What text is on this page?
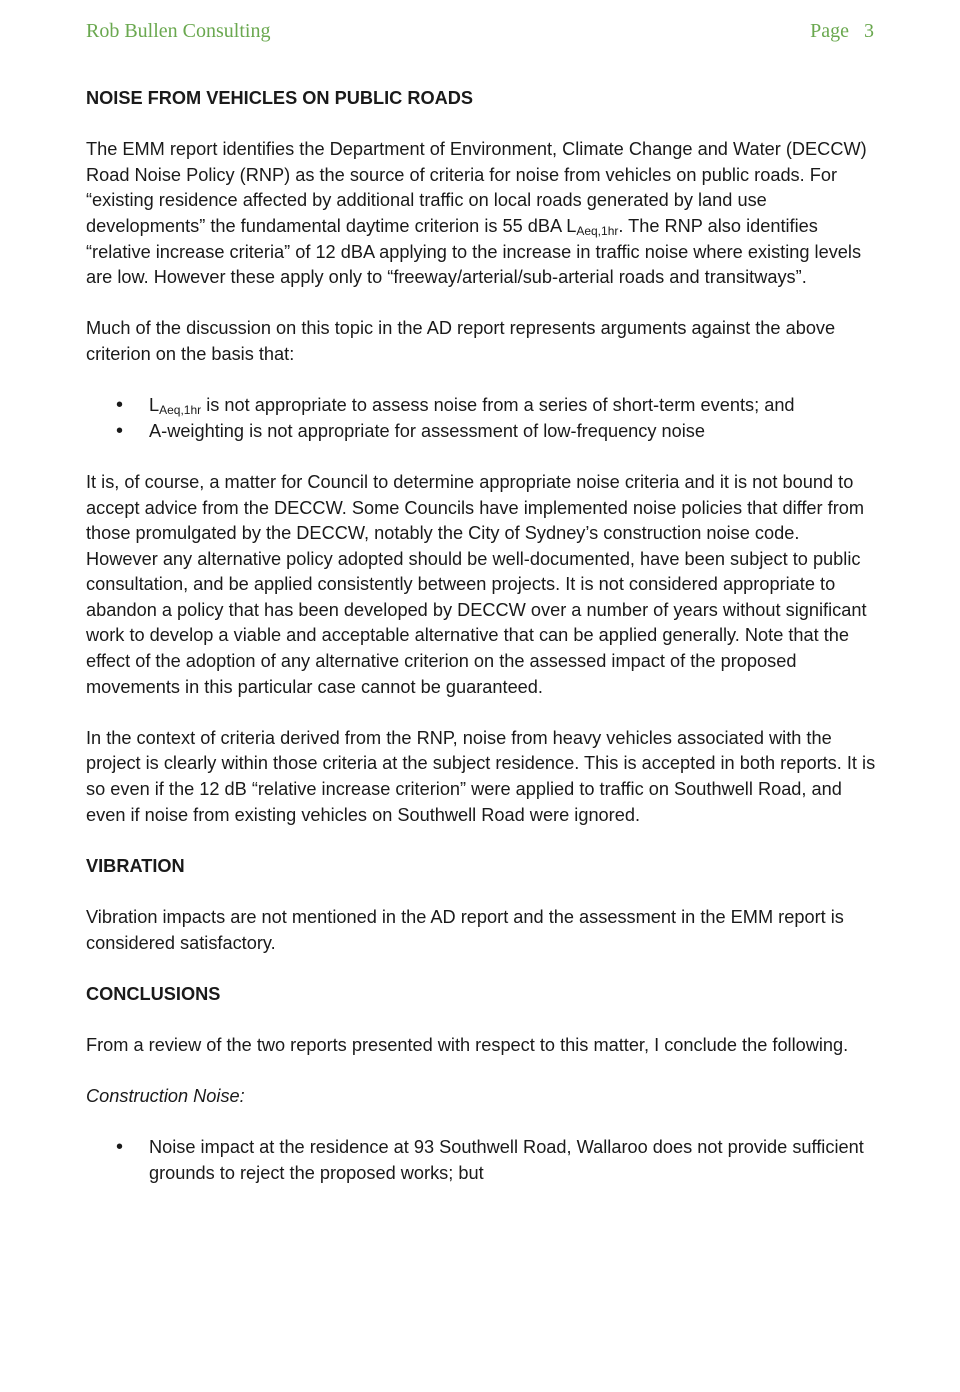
Rob Bullen Consulting	Page 3
NOISE FROM VEHICLES ON PUBLIC ROADS

The EMM report identifies the Department of Environment, Climate Change and Water (DECCW) Road Noise Policy (RNP) as the source of criteria for noise from vehicles on public roads. For “existing residence affected by additional traffic on local roads generated by land use developments” the fundamental daytime criterion is 55 dBA $L_{Aeq,1hr}$. The RNP also identifies “relative increase criteria” of 12 dBA applying to the increase in traffic noise where existing levels are low. However these apply only to “freeway/arterial/sub-arterial roads and transitways”.

Much of the discussion on this topic in the AD report represents arguments against the above criterion on the basis that:

• $L_{Aeq,1hr}$ is not appropriate to assess noise from a series of short-term events; and
• A-weighting is not appropriate for assessment of low-frequency noise

It is, of course, a matter for Council to determine appropriate noise criteria and it is not bound to accept advice from the DECCW. Some Councils have implemented noise policies that differ from those promulgated by the DECCW, notably the City of Sydney’s construction noise code. However any alternative policy adopted should be well-documented, have been subject to public consultation, and be applied consistently between projects. It is not considered appropriate to abandon a policy that has been developed by DECCW over a number of years without significant work to develop a viable and acceptable alternative that can be applied generally. Note that the effect of the adoption of any alternative criterion on the assessed impact of the proposed movements in this particular case cannot be guaranteed.

In the context of criteria derived from the RNP, noise from heavy vehicles associated with the project is clearly within those criteria at the subject residence. This is accepted in both reports. It is so even if the 12 dB “relative increase criterion” were applied to traffic on Southwell Road, and even if noise from existing vehicles on Southwell Road were ignored.

VIBRATION

Vibration impacts are not mentioned in the AD report and the assessment in the EMM report is considered satisfactory.

CONCLUSIONS

From a review of the two reports presented with respect to this matter, I conclude the following.

Construction Noise:

• Noise impact at the residence at 93 Southwell Road, Wallaroo does not provide sufficient grounds to reject the proposed works; but
